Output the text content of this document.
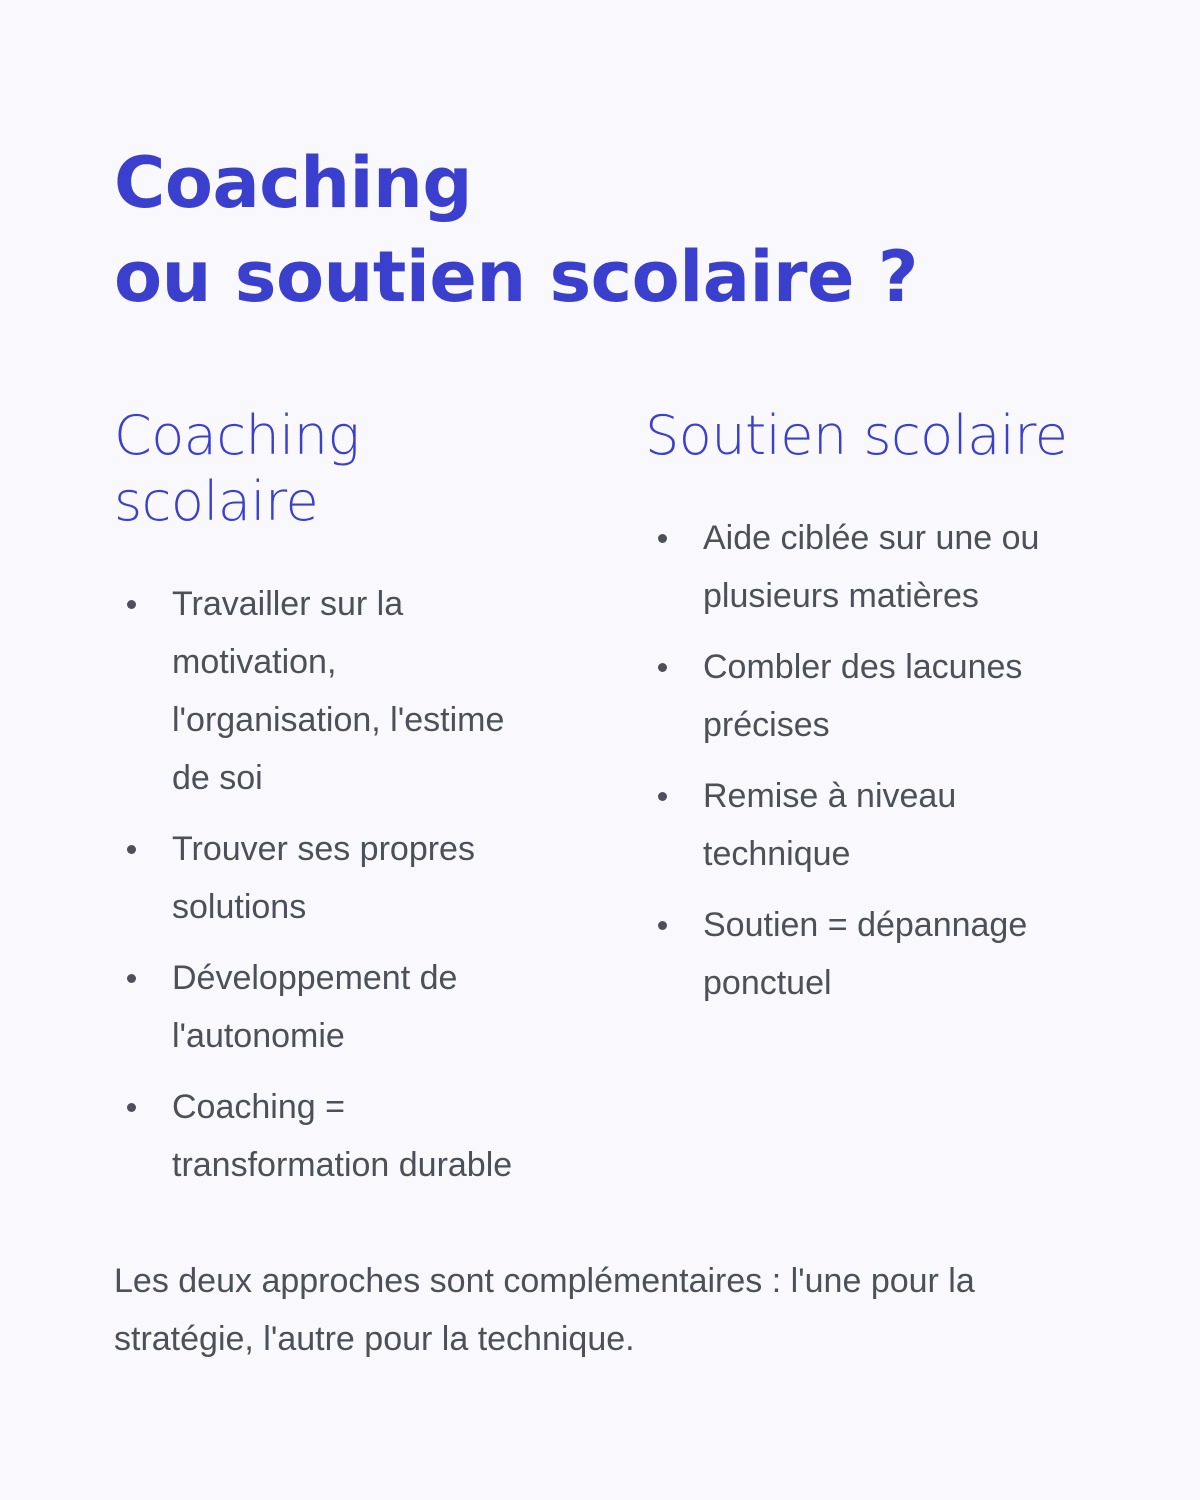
Coaching
ou soutien scolaire ?
Coaching scolaire
Travailler sur la motivation, l'organisation, l'estime de soi
Trouver ses propres solutions
Développement de l'autonomie
Coaching = transformation durable
Soutien scolaire
Aide ciblée sur une ou plusieurs matières
Combler des lacunes précises
Remise à niveau technique
Soutien = dépannage ponctuel

Les deux approches sont complémentaires : l'une pour la stratégie, l'autre pour la technique.
